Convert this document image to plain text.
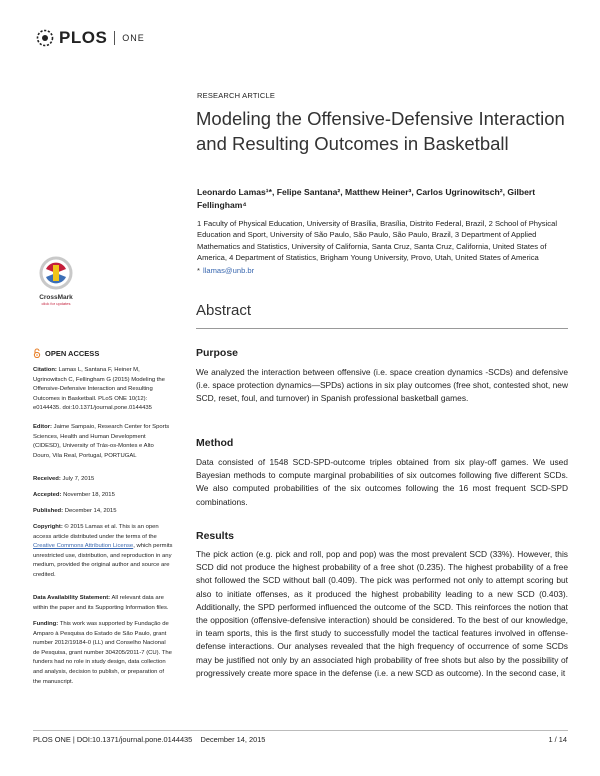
PLOS ONE
RESEARCH ARTICLE
Modeling the Offensive-Defensive Interaction and Resulting Outcomes in Basketball
Leonardo Lamas¹*, Felipe Santana², Matthew Heiner³, Carlos Ugrinowitsch², Gilbert Fellingham⁴
1 Faculty of Physical Education, University of Brasília, Brasília, Distrito Federal, Brazil, 2 School of Physical Education and Sport, University of São Paulo, São Paulo, São Paulo, Brazil, 3 Department of Applied Mathematics and Statistics, University of California, Santa Cruz, Santa Cruz, California, United States of America, 4 Department of Statistics, Brigham Young University, Provo, Utah, United States of America
* llamas@unb.br
CrossMark
click for updates	Abstract
Purpose
We analyzed the interaction between offensive (i.e. space creation dynamics -SCDs) and defensive (i.e. space protection dynamics—SPDs) actions in six play outcomes (free shot, contested shot, new SCD, reset, foul, and turnover) in Spanish professional basketball games.
Method
Data consisted of 1548 SCD-SPD-outcome triples obtained from six play-off games. We used Bayesian methods to compute marginal probabilities of six outcomes following five different SCDs. We also computed probabilities of the six outcomes following the 16 most frequent SCD-SPD combinations.
Results
The pick action (e.g. pick and roll, pop and pop) was the most prevalent SCD (33%). However, this SCD did not produce the highest probability of a free shot (0.235). The highest probability of a free shot followed the SCD without ball (0.409). The pick was performed not only to attempt scoring but also to initiate offenses, as it produced the highest probability leading to a new SCD (0.403). Additionally, the SPD performed influenced the outcome of the SCD. This reinforces the notion that the opposition (offensive-defensive interaction) should be considered. To the best of our knowledge, in team sports, this is the first study to successfully model the tactical features involved in offense-defense interactions. Our analyses revealed that the high frequency of occurrence of some SCDs may be justified not only by an associated high probability of free shots but also by the possibility of progressively create more space in the defense (i.e. a new SCD as outcome). In the second case, it
OPEN ACCESS
Citation: Lamas L, Santana F, Heiner M, Ugrinowitsch C, Fellingham G (2015) Modeling the Offensive-Defensive Interaction and Resulting Outcomes in Basketball. PLoS ONE 10(12): e0144435. doi:10.1371/journal.pone.0144435
Editor: Jaime Sampaio, Research Center for Sports Sciences, Health and Human Development (CIDESD), University of Trás-os-Montes e Alto Douro, Vila Real, Portugal, PORTUGAL
Received: July 7, 2015
Accepted: November 18, 2015
Published: December 14, 2015
Copyright: © 2015 Lamas et al. This is an open access article distributed under the terms of the Creative Commons Attribution License, which permits unrestricted use, distribution, and reproduction in any medium, provided the original author and source are credited.
Data Availability Statement: All relevant data are within the paper and its Supporting Information files.
Funding: This work was supported by Fundação de Amparo à Pesquisa do Estado de São Paulo, grant number 2012/19184-0 (LL) and Conselho Nacional de Pesquisa, grant number 304205/2011-7 (CU). The funders had no role in study design, data collection and analysis, decision to publish, or preparation of the manuscript.
PLOS ONE | DOI:10.1371/journal.pone.0144435    December 14, 2015	1 / 14
